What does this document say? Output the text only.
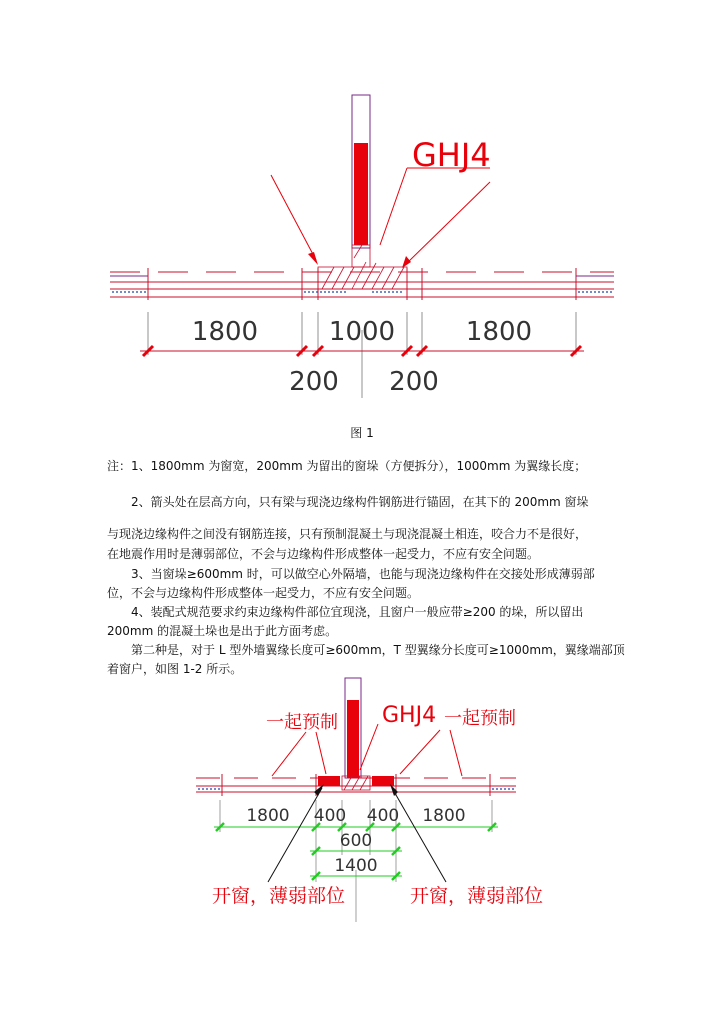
GHJ4
1800	1000	1800
200 200
图 1
注：1、1800mm 为窗宽，200mm 为留出的窗垛（方便拆分），1000mm 为翼缘长度；
2、箭头处在层高方向，只有梁与现浇边缘构件钢筋进行锚固，在其下的 200mm 窗垛
与现浇边缘构件之间没有钢筋连接，只有预制混凝土与现浇混凝土相连，咬合力不是很好，
在地震作用时是薄弱部位，不会与边缘构件形成整体一起受力，不应有安全问题。
3、当窗垛≥600mm 时，可以做空心外隔墙，也能与现浇边缘构件在交接处形成薄弱部
位，不会与边缘构件形成整体一起受力，不应有安全问题。
4、装配式规范要求约束边缘构件部位宜现浇，且窗户一般应带≥200 的垛，所以留出
200mm 的混凝土垛也是出于此方面考虑。
第二种是，对于 L 型外墙翼缘长度可≥600mm，T 型翼缘分长度可≥1000mm，翼缘端部顶
着窗户，如图 1-2 所示。
GHJ4
一起预制	一起预制
1800 400 400 1800
600
1400
开窗，薄弱部位	开窗，薄弱部位
